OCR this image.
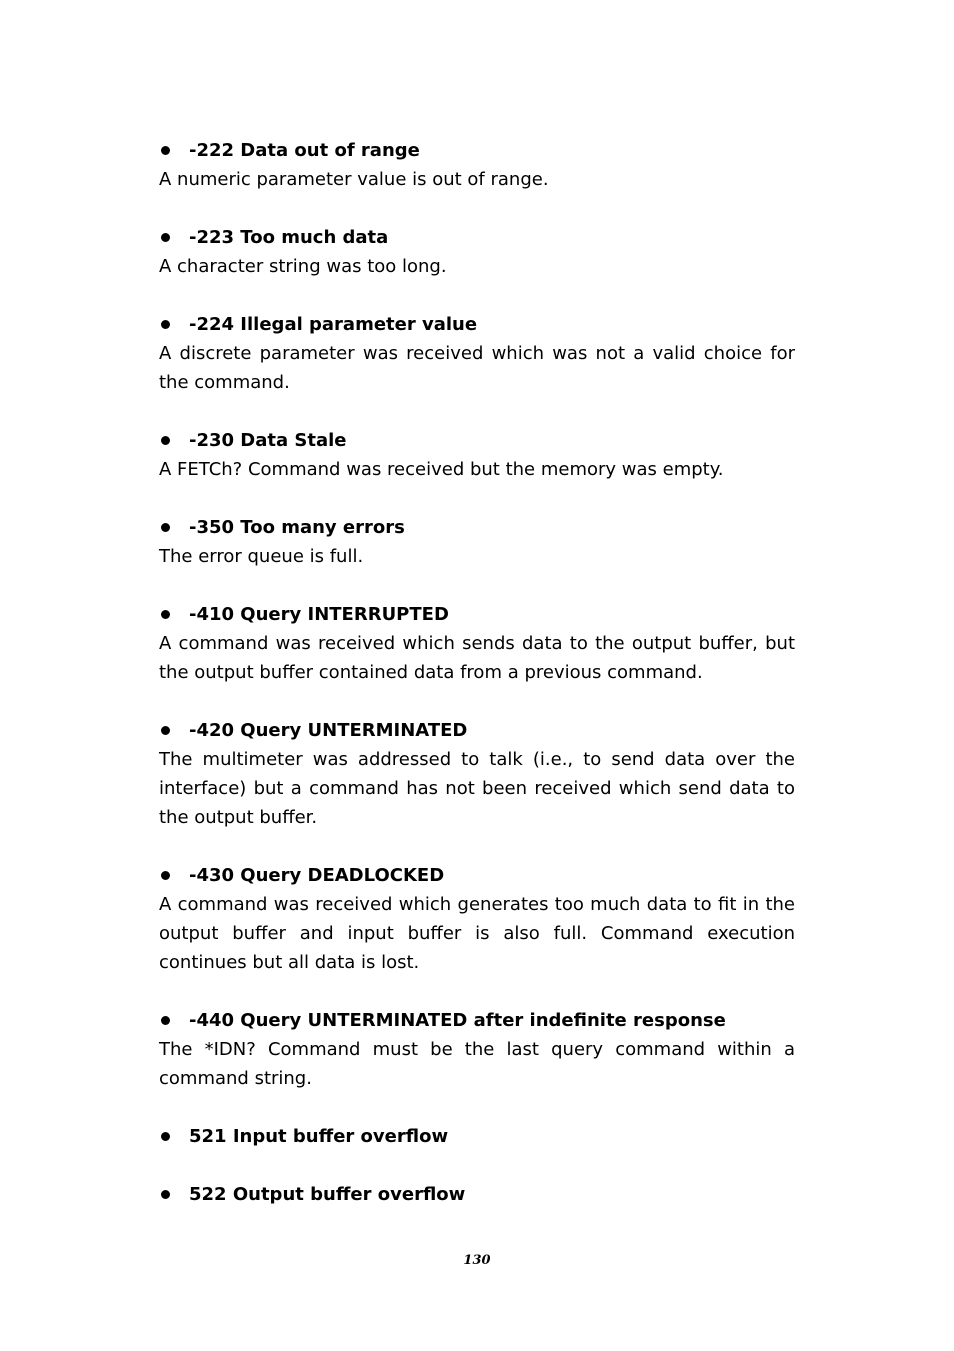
-222 Data out of range

A numeric parameter value is out of range.

-223 Too much data

A character string was too long.

-224 Illegal parameter value

A discrete parameter was received which was not a valid choice for the command.

-230 Data Stale

A FETCh? Command was received but the memory was empty.

-350 Too many errors

The error queue is full.

-410 Query INTERRUPTED

A command was received which sends data to the output buffer, but the output buffer contained data from a previous command.

-420 Query UNTERMINATED

The multimeter was addressed to talk (i.e., to send data over the interface) but a command has not been received which send data to the output buffer.

-430 Query DEADLOCKED

A command was received which generates too much data to fit in the output buffer and input buffer is also full. Command execution continues but all data is lost.

-440 Query UNTERMINATED after indefinite response

The *IDN? Command must be the last query command within a command string.

521 Input buffer overflow
522 Output buffer overflow
130
